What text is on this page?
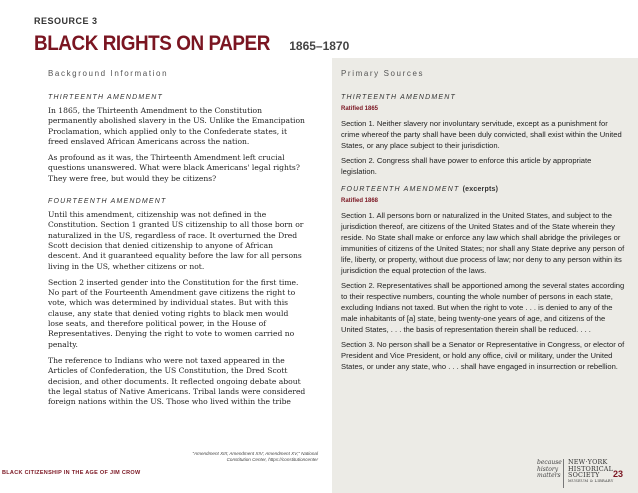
RESOURCE 3
BLACK RIGHTS ON PAPER 1865–1870
Background Information	Primary Sources
THIRTEENTH AMENDMENT

In 1865, the Thirteenth Amendment to the Constitution permanently abolished slavery in the US. Unlike the Emancipation Proclamation, which applied only to the Confederate states, it freed enslaved African Americans across the nation.

As profound as it was, the Thirteenth Amendment left crucial questions unanswered. What were black Americans' legal rights? They were free, but would they be citizens?

FOURTEENTH AMENDMENT

Until this amendment, citizenship was not defined in the Constitution. Section 1 granted US citizenship to all those born or naturalized in the US, regardless of race. It overturned the Dred Scott decision that denied citizenship to anyone of African descent. And it guaranteed equality before the law for all persons living in the US, whether citizens or not.

Section 2 inserted gender into the Constitution for the first time. No part of the Fourteenth Amendment gave citizens the right to vote, which was determined by individual states. But with this clause, any state that denied voting rights to black men would lose seats, and therefore political power, in the House of Representatives. Denying the right to vote to women carried no penalty.

The reference to Indians who were not taxed appeared in the Articles of Confederation, the US Constitution, the Dred Scott decision, and other documents. It reflected ongoing debate about the legal status of Native Americans. Tribal lands were considered foreign nations within the US. Those who lived within the tribe

THIRTEENTH AMENDMENT
Ratified 1865

Section 1. Neither slavery nor involuntary servitude, except as a punishment for crime whereof the party shall have been duly convicted, shall exist within the United States, or any place subject to their jurisdiction.

Section 2. Congress shall have power to enforce this article by appropriate legislation.

FOURTEENTH AMENDMENT (excerpts)
Ratified 1868

Section 1. All persons born or naturalized in the United States, and subject to the jurisdiction thereof, are citizens of the United States and of the State wherein they reside. No State shall make or enforce any law which shall abridge the privileges or immunities of citizens of the United States; nor shall any State deprive any person of life, liberty, or property, without due process of law; nor deny to any person within its jurisdiction the equal protection of the laws.

Section 2. Representatives shall be apportioned among the several states according to their respective numbers, counting the whole number of persons in each state, excluding Indians not taxed. But when the right to vote . . . is denied to any of the male inhabitants of [a] state, being twenty-one years of age, and citizens of the United States, . . . the basis of representation therein shall be reduced. . . .

Section 3. No person shall be a Senator or Representative in Congress, or elector of President and Vice President, or hold any office, civil or military, under the United States, or under any state, who . . . shall have engaged in insurrection or rebellion.

"Amendment XIII; Amendment XIV; Amendment XV," National
Constitution Center, https://constitutioncenter
BLACK CITIZENSHIP IN THE AGE OF JIM CROW
because
history
matters
NEW·YORK
HISTORICAL
SOCIETY
MUSEUM & LIBRARY
23
